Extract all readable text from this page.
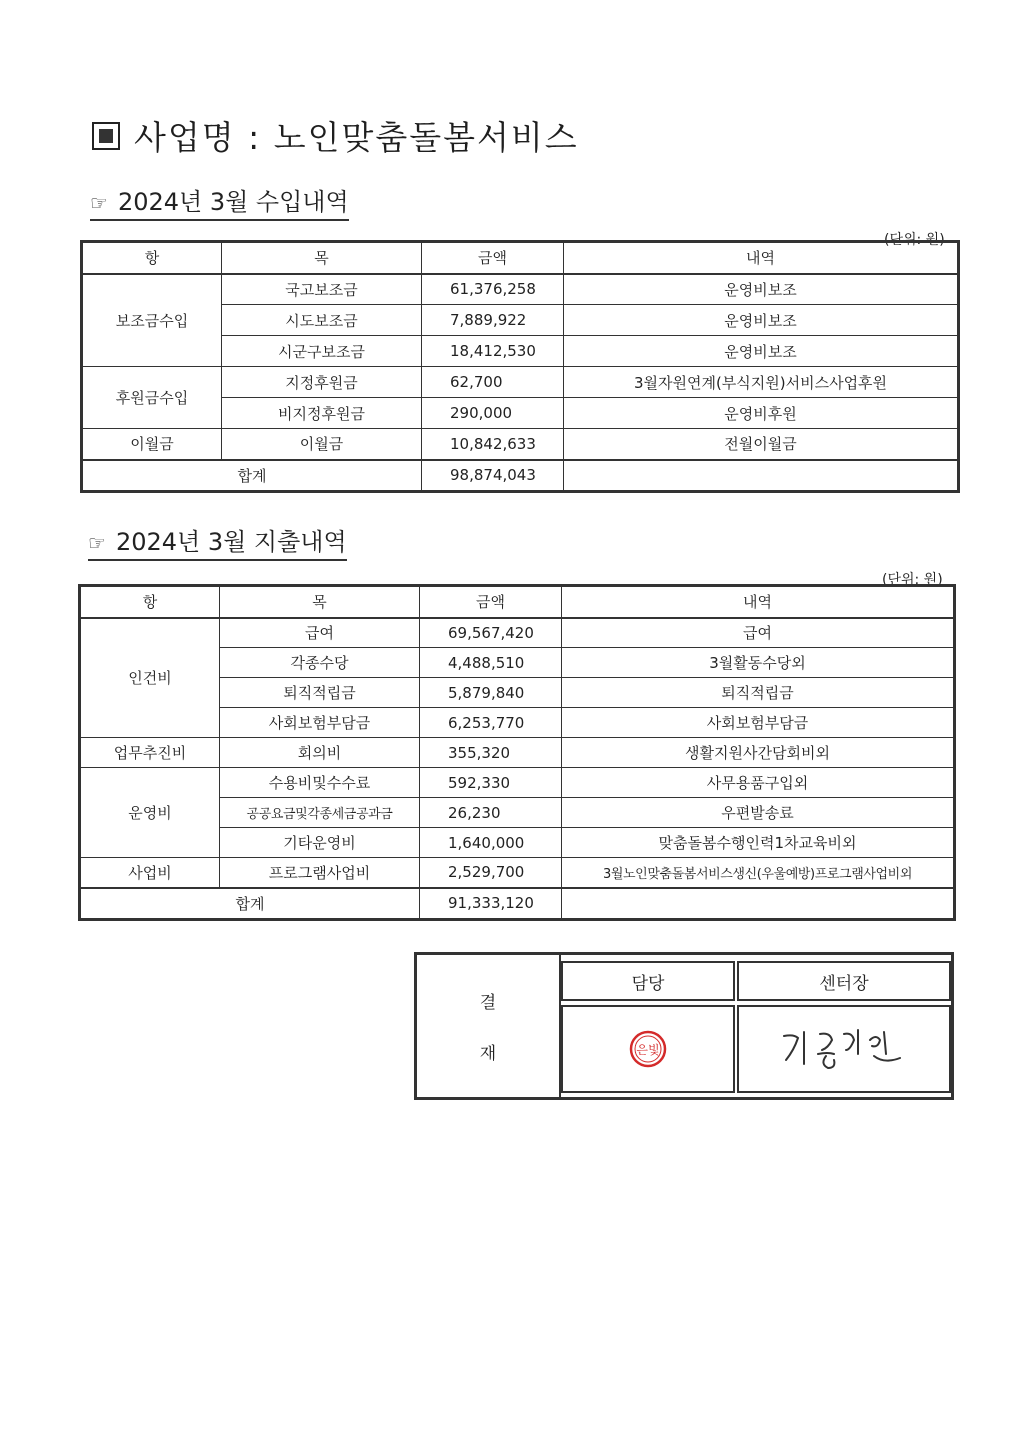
사업명 : 노인맞춤돌봄서비스
☞ 2024년 3월 수입내역
(단위: 원)
항	목	금액	내역
보조금수입	국고보조금	61,376,258	운영비보조
	시도보조금	7,889,922	운영비보조
	시군구보조금	18,412,530	운영비보조
후원금수입	지정후원금	62,700	3월자원연계(부식지원)서비스사업후원
	비지정후원금	290,000	운영비후원
이월금	이월금	10,842,633	전월이월금
합계		98,874,043	
☞ 2024년 3월 지출내역
(단위: 원)
항	목	금액	내역
인건비	급여	69,567,420	급여
	각종수당	4,488,510	3월활동수당외
	퇴직적립금	5,879,840	퇴직적립금
	사회보험부담금	6,253,770	사회보험부담금
업무추진비	회의비	355,320	생활지원사간담회비외
운영비	수용비및수수료	592,330	사무용품구입외
	공공요금및각종세금공과금	26,230	우편발송료
	기타운영비	1,640,000	맞춤돌봄수행인력1차교육비외
사업비	프로그램사업비	2,529,700	3월노인맞춤돌봄서비스생신(우울예방)프로그램사업비외
합계		91,333,120	
결
재
담당	센터장
은빛
